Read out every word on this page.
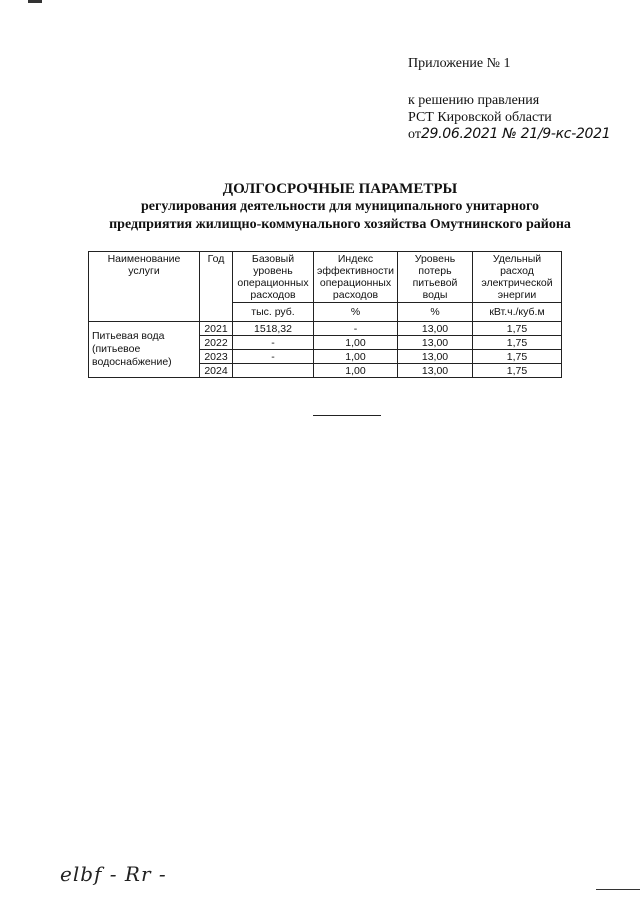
Приложение № 1
к решению правления
РСТ Кировской области
от29.06.2021 № 21/9-кс-2021
ДОЛГОСРОЧНЫЕ ПАРАМЕТРЫ
регулирования деятельности для муниципального унитарного
предприятия жилищно-коммунального хозяйства Омутнинского района
Наименование услуги	Год	Базовый уровень операционных расходов	Индекс эффективности операционных расходов	Уровень потерь питьевой воды	Удельный расход электрической энергии
		тыс. руб.	%	%	кВт.ч./куб.м
Питьевая вода (питьевое водоснабжение)	2021	1518,32	-	13,00	1,75
	2022	-	1,00	13,00	1,75
	2023	-	1,00	13,00	1,75
	2024		1,00	13,00	1,75
elbf - Rr -
